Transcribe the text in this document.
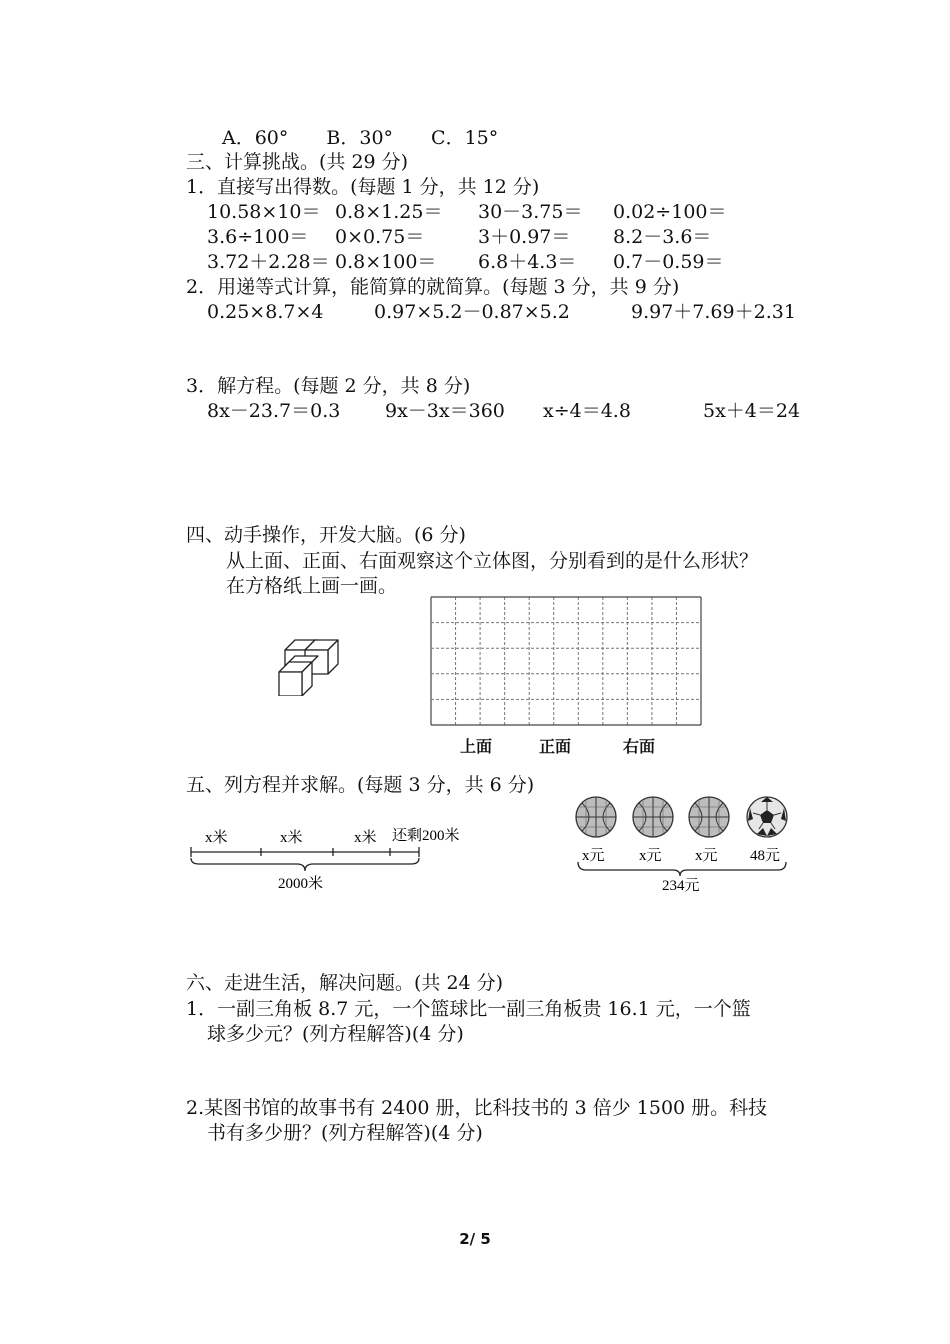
A．60°　　B．30°　　C．15°
三、计算挑战。(共 29 分)
1．直接写出得数。(每题 1 分，共 12 分)
10.58×10＝ 0.8×1.25＝	30－3.75＝	0.02÷100＝
3.6÷100＝	0×0.75＝	3＋0.97＝	8.2－3.6＝
3.72＋2.28＝ 0.8×100＝	6.8＋4.3＝	0.7－0.59＝
2．用递等式计算，能简算的就简算。(每题 3 分，共 9 分)
0.25×8.7×4	0.97×5.2－0.87×5.2	9.97＋7.69＋2.31
3．解方程。(每题 2 分，共 8 分)
8x－23.7＝0.3	9x－3x＝360	x÷4＝4.8	5x＋4＝24
四、动手操作，开发大脑。(6 分)
从上面、正面、右面观察这个立体图，分别看到的是什么形状？
在方格纸上画一画。
上面	正面	右面
五、列方程并求解。(每题 3 分，共 6 分)
x米	x米	x米 还剩200米
2000米
x元 x元 x元 48元
234元
六、走进生活，解决问题。(共 24 分)
1．一副三角板 8.7 元，一个篮球比一副三角板贵 16.1 元，一个篮
球多少元？(列方程解答)(4 分)
2.某图书馆的故事书有 2400 册，比科技书的 3 倍少 1500 册。科技
书有多少册？(列方程解答)(4 分)
2/ 5
